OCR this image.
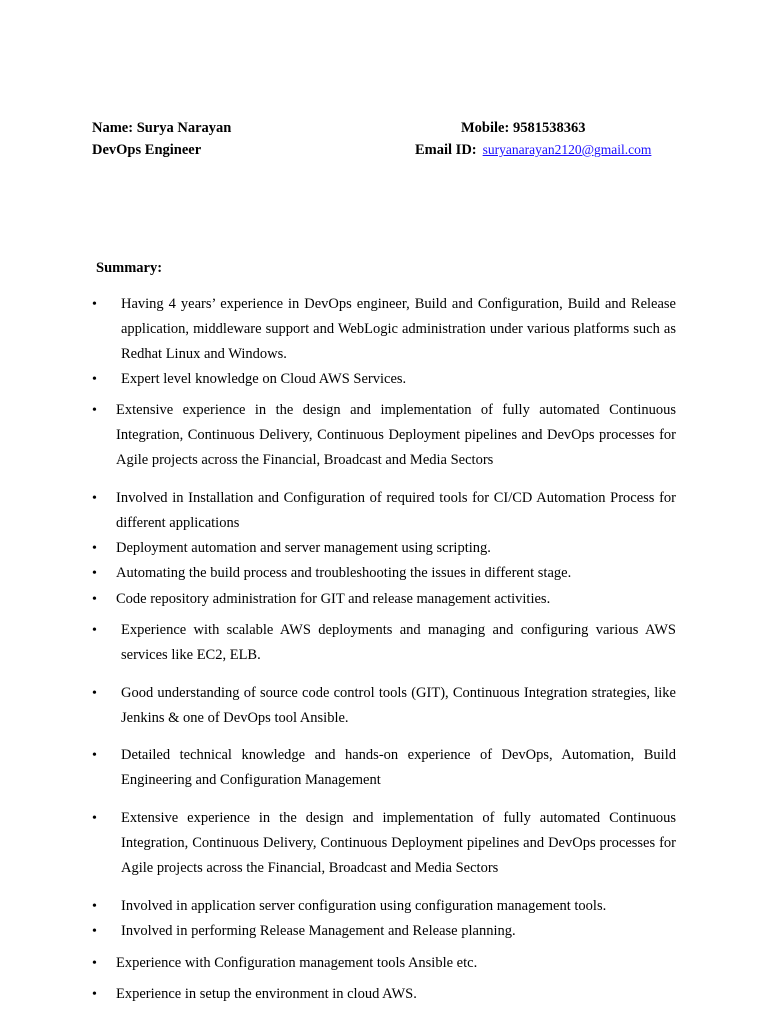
Name: Surya Narayan
DevOps Engineer
Mobile: 9581538363
Email ID: suryanarayan2120@gmail.com
Summary:
• Having 4 years’ experience in DevOps engineer, Build and Configuration, Build and Release application, middleware support and WebLogic administration under various platforms such as Redhat Linux and Windows.
• Expert level knowledge on Cloud AWS Services.
• Extensive experience in the design and implementation of fully automated Continuous Integration, Continuous Delivery, Continuous Deployment pipelines and DevOps processes for Agile projects across the Financial, Broadcast and Media Sectors
• Involved in Installation and Configuration of required tools for CI/CD Automation Process for different applications
• Deployment automation and server management using scripting.
• Automating the build process and troubleshooting the issues in different stage.
• Code repository administration for GIT and release management activities.
• Experience with scalable AWS deployments and managing and configuring various AWS services like EC2, ELB.
• Good understanding of source code control tools (GIT), Continuous Integration strategies, like Jenkins & one of DevOps tool Ansible.
• Detailed technical knowledge and hands-on experience of DevOps, Automation, Build Engineering and Configuration Management
• Extensive experience in the design and implementation of fully automated Continuous Integration, Continuous Delivery, Continuous Deployment pipelines and DevOps processes for Agile projects across the Financial, Broadcast and Media Sectors
• Involved in application server configuration using configuration management tools.
• Involved in performing Release Management and Release planning.
• Experience with Configuration management tools Ansible etc.
• Experience in setup the environment in cloud AWS.
